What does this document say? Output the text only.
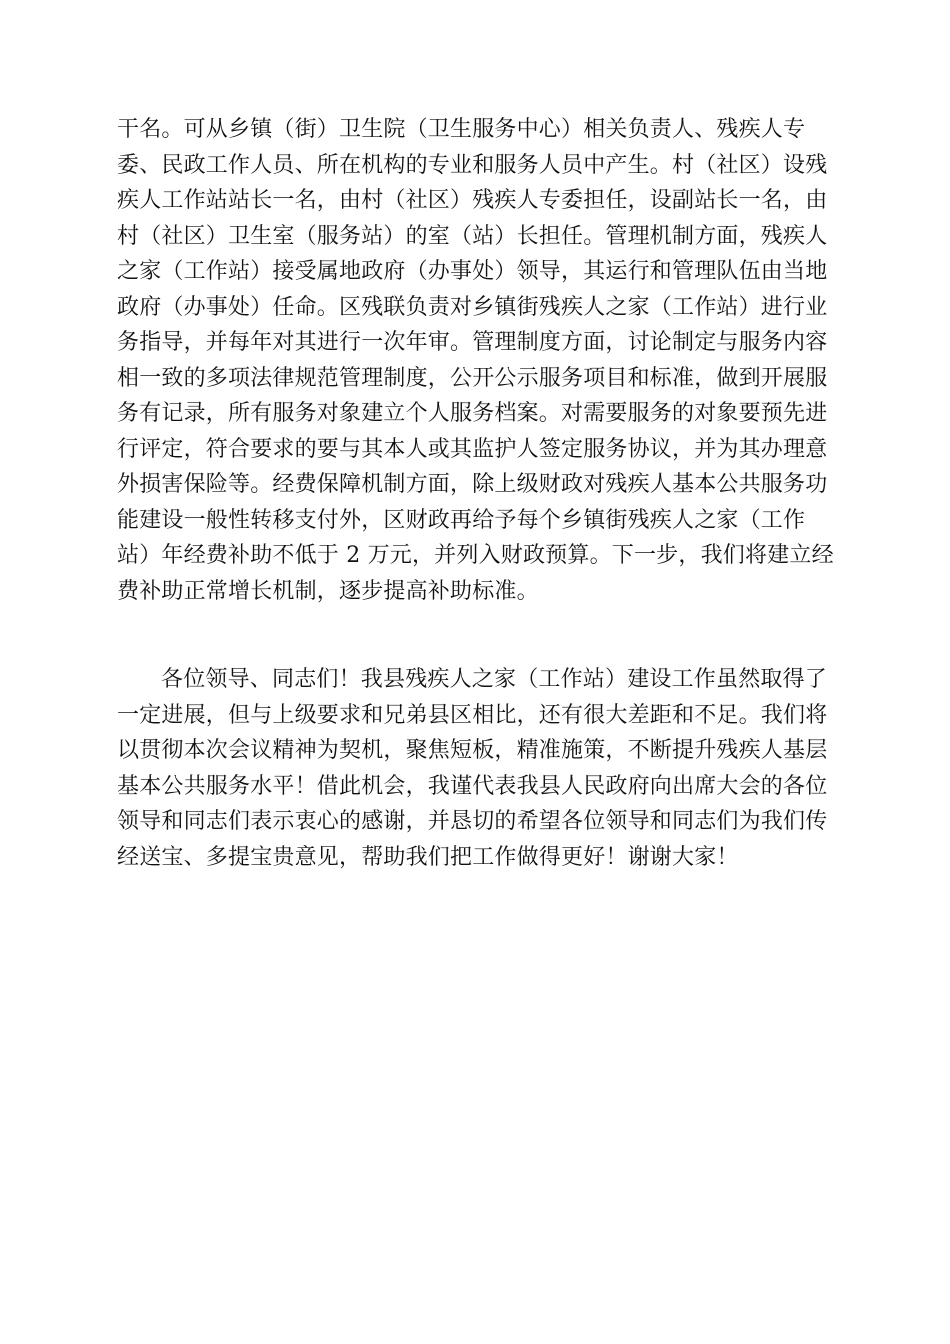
干名。可从乡镇（街）卫生院（卫生服务中心）相关负责人、残疾人专
委、民政工作人员、所在机构的专业和服务人员中产生。村（社区）设残
疾人工作站站长一名，由村（社区）残疾人专委担任，设副站长一名，由
村（社区）卫生室（服务站）的室（站）长担任。管理机制方面，残疾人
之家（工作站）接受属地政府（办事处）领导，其运行和管理队伍由当地
政府（办事处）任命。区残联负责对乡镇街残疾人之家（工作站）进行业
务指导，并每年对其进行一次年审。管理制度方面，讨论制定与服务内容
相一致的多项法律规范管理制度，公开公示服务项目和标准，做到开展服
务有记录，所有服务对象建立个人服务档案。对需要服务的对象要预先进
行评定，符合要求的要与其本人或其监护人签定服务协议，并为其办理意
外损害保险等。经费保障机制方面，除上级财政对残疾人基本公共服务功
能建设一般性转移支付外，区财政再给予每个乡镇街残疾人之家（工作
站）年经费补助不低于 2 万元，并列入财政预算。下一步，我们将建立经
费补助正常增长机制，逐步提高补助标准。
各位领导、同志们！我县残疾人之家（工作站）建设工作虽然取得了
一定进展，但与上级要求和兄弟县区相比，还有很大差距和不足。我们将
以贯彻本次会议精神为契机，聚焦短板，精准施策，不断提升残疾人基层
基本公共服务水平！借此机会，我谨代表我县人民政府向出席大会的各位
领导和同志们表示衷心的感谢，并恳切的希望各位领导和同志们为我们传
经送宝、多提宝贵意见，帮助我们把工作做得更好！谢谢大家！
